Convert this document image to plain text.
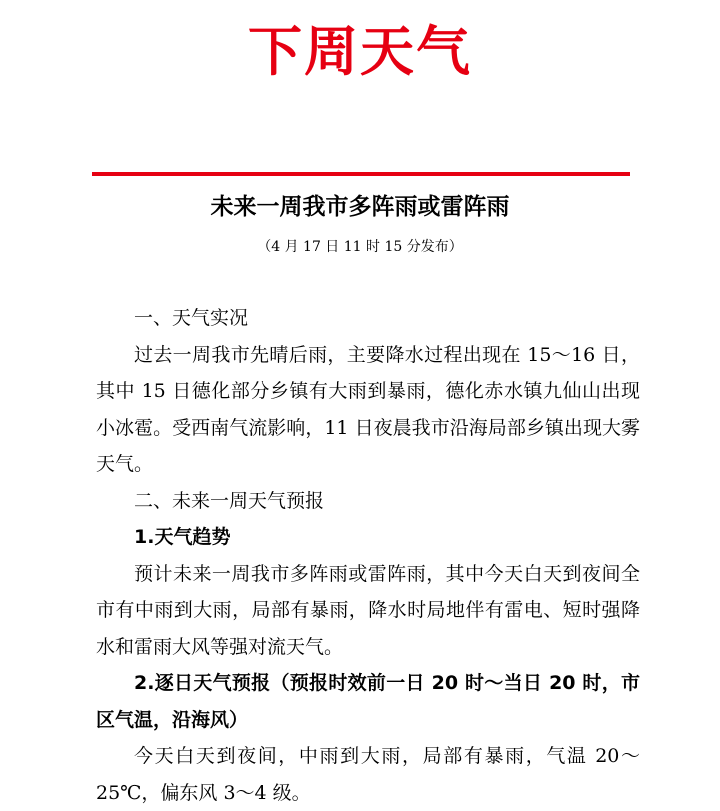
下周天气
未来一周我市多阵雨或雷阵雨
（4 月 17 日 11 时 15 分发布）

一、天气实况

过去一周我市先晴后雨，主要降水过程出现在 15～16 日，其中 15 日德化部分乡镇有大雨到暴雨，德化赤水镇九仙山出现小冰雹。受西南气流影响，11 日夜晨我市沿海局部乡镇出现大雾天气。

二、未来一周天气预报

1.天气趋势

预计未来一周我市多阵雨或雷阵雨，其中今天白天到夜间全市有中雨到大雨，局部有暴雨，降水时局地伴有雷电、短时强降水和雷雨大风等强对流天气。

2.逐日天气预报（预报时效前一日 20 时～当日 20 时，市区气温，沿海风）

今天白天到夜间，中雨到大雨，局部有暴雨，气温 20～25℃，偏东风 3～4 级。
